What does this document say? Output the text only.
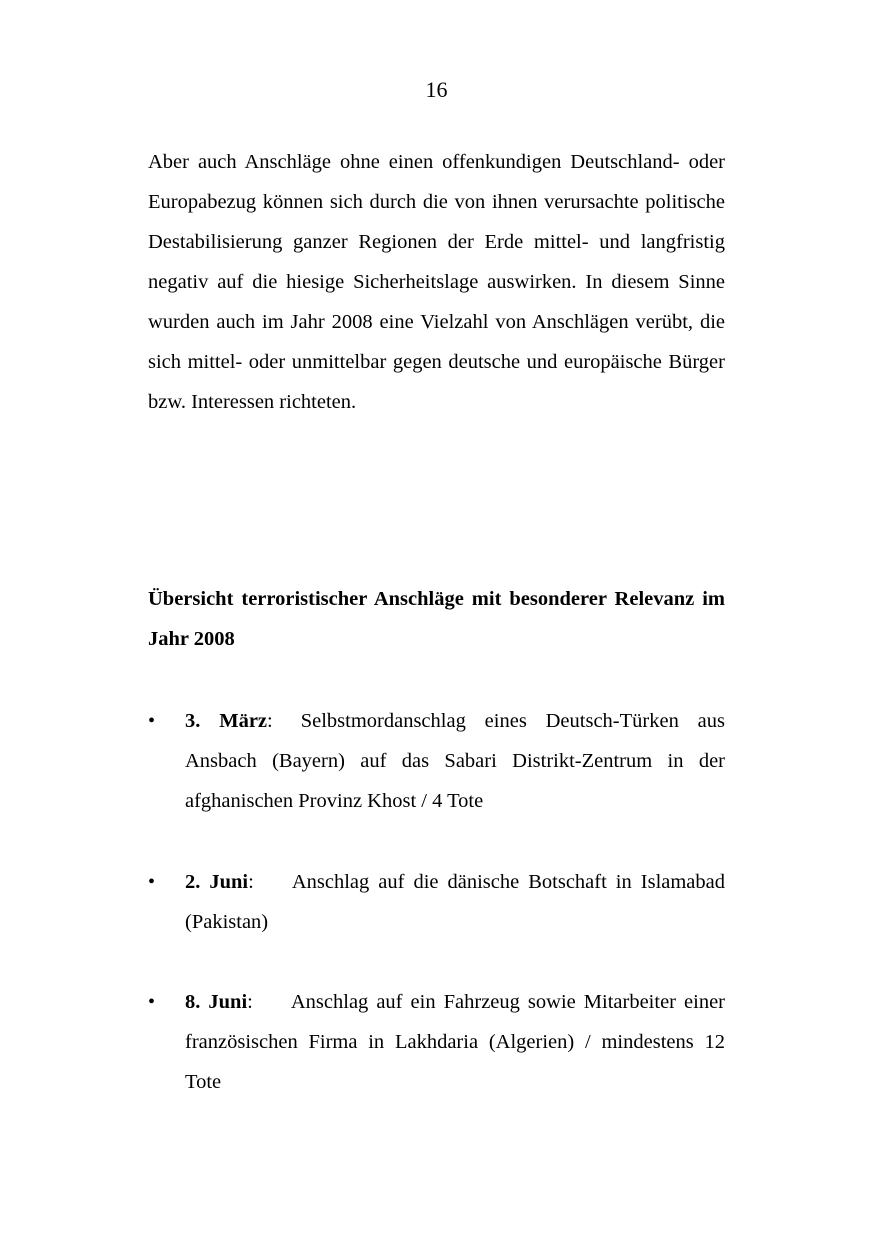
16

Aber auch Anschläge ohne einen offenkundigen Deutschland- oder Europabezug können sich durch die von ihnen verursachte politische Destabilisierung ganzer Regionen der Erde mittel- und langfristig negativ auf die hiesige Sicherheitslage auswirken. In diesem Sinne wurden auch im Jahr 2008 eine Vielzahl von Anschlägen verübt, die sich mittel- oder unmittelbar gegen deutsche und europäische Bürger bzw. Interessen richteten.

Übersicht terroristischer Anschläge mit besonderer Relevanz im Jahr 2008

•	3. März: Selbstmordanschlag eines Deutsch-Türken aus Ansbach (Bayern) auf das Sabari Distrikt-Zentrum in der afghanischen Provinz Khost / 4 Tote
•	2. Juni: Anschlag auf die dänische Botschaft in Islamabad (Pakistan)
•	8. Juni: Anschlag auf ein Fahrzeug sowie Mitarbeiter einer französischen Firma in Lakhdaria (Algerien) / mindestens 12 Tote
